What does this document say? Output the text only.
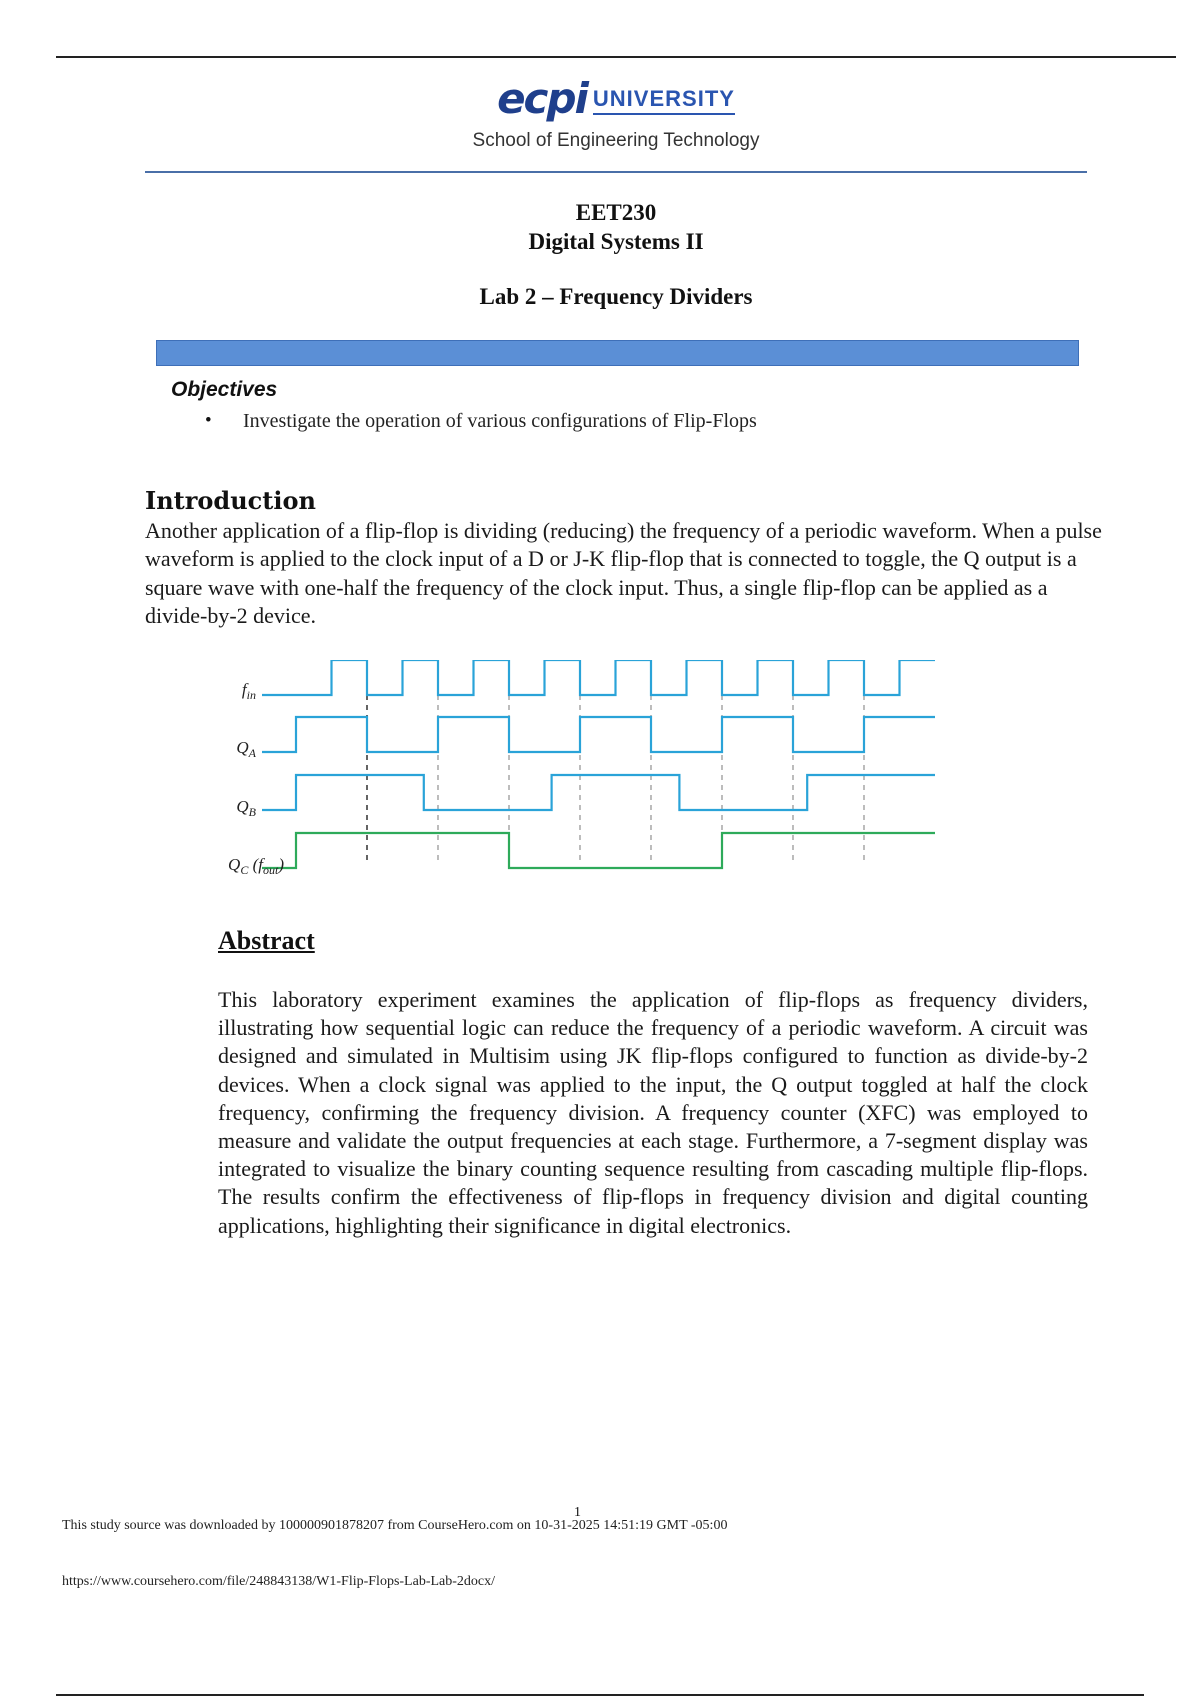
ecpi UNIVERSITY
School of Engineering Technology
EET230
Digital Systems II
Lab 2 – Frequency Dividers
Objectives
• Investigate the operation of various configurations of Flip-Flops
Introduction
Another application of a flip-flop is dividing (reducing) the frequency of a periodic waveform. When a pulse waveform is applied to the clock input of a D or J-K flip-flop that is connected to toggle, the Q output is a square wave with one-half the frequency of the clock input. Thus, a single flip-flop can be applied as a divide-by-2 device.
$f_{in}$
$Q_A$
$Q_B$
$Q_C$ $(f_{out})$
Abstract
This laboratory experiment examines the application of flip-flops as frequency dividers, illustrating how sequential logic can reduce the frequency of a periodic waveform. A circuit was designed and simulated in Multisim using JK flip-flops configured to function as divide-by-2 devices. When a clock signal was applied to the input, the Q output toggled at half the clock frequency, confirming the frequency division. A frequency counter (XFC) was employed to measure and validate the output frequencies at each stage. Furthermore, a 7-segment display was integrated to visualize the binary counting sequence resulting from cascading multiple flip-flops. The results confirm the effectiveness of flip-flops in frequency division and digital counting applications, highlighting their significance in digital electronics.
1
This study source was downloaded by 100000901878207 from CourseHero.com on 10-31-2025 14:51:19 GMT -05:00
https://www.coursehero.com/file/248843138/W1-Flip-Flops-Lab-Lab-2docx/
